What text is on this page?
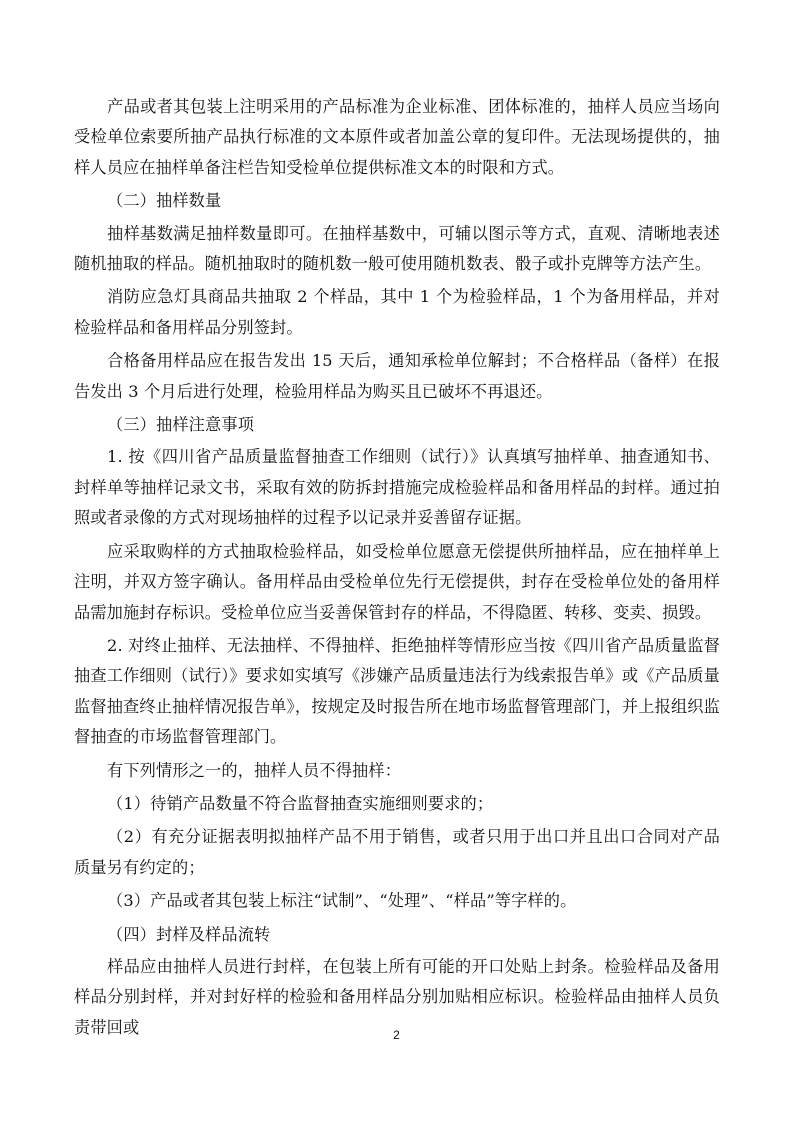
产品或者其包装上注明采用的产品标准为企业标准、团体标准的，抽样人员应当场向受检单位索要所抽产品执行标准的文本原件或者加盖公章的复印件。无法现场提供的，抽样人员应在抽样单备注栏告知受检单位提供标准文本的时限和方式。

（二）抽样数量

抽样基数满足抽样数量即可。在抽样基数中，可辅以图示等方式，直观、清晰地表述随机抽取的样品。随机抽取时的随机数一般可使用随机数表、骰子或扑克牌等方法产生。

消防应急灯具商品共抽取 2 个样品，其中 1 个为检验样品，1 个为备用样品，并对检验样品和备用样品分别签封。

合格备用样品应在报告发出 15 天后，通知承检单位解封；不合格样品（备样）在报告发出 3 个月后进行处理，检验用样品为购买且已破坏不再退还。

（三）抽样注意事项

1. 按《四川省产品质量监督抽查工作细则（试行）》认真填写抽样单、抽查通知书、封样单等抽样记录文书，采取有效的防拆封措施完成检验样品和备用样品的封样。通过拍照或者录像的方式对现场抽样的过程予以记录并妥善留存证据。

应采取购样的方式抽取检验样品，如受检单位愿意无偿提供所抽样品，应在抽样单上注明，并双方签字确认。备用样品由受检单位先行无偿提供，封存在受检单位处的备用样品需加施封存标识。受检单位应当妥善保管封存的样品，不得隐匿、转移、变卖、损毁。

2. 对终止抽样、无法抽样、不得抽样、拒绝抽样等情形应当按《四川省产品质量监督抽查工作细则（试行）》要求如实填写《涉嫌产品质量违法行为线索报告单》或《产品质量监督抽查终止抽样情况报告单》，按规定及时报告所在地市场监督管理部门，并上报组织监督抽查的市场监督管理部门。

有下列情形之一的，抽样人员不得抽样：

（1）待销产品数量不符合监督抽查实施细则要求的；

（2）有充分证据表明拟抽样产品不用于销售，或者只用于出口并且出口合同对产品质量另有约定的；

（3）产品或者其包装上标注“试制”、“处理”、“样品”等字样的。

（四）封样及样品流转

样品应由抽样人员进行封样，在包装上所有可能的开口处贴上封条。检验样品及备用样品分别封样，并对封好样的检验和备用样品分别加贴相应标识。检验样品由抽样人员负责带回或	2
